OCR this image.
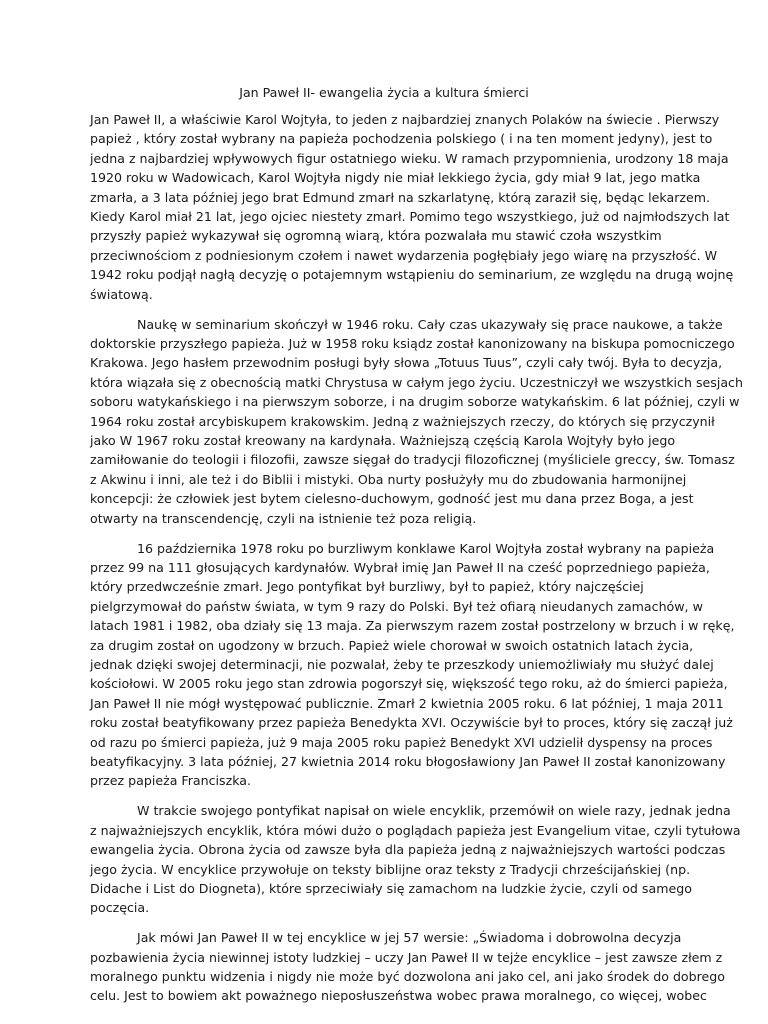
Jan Paweł II- ewangelia życia a kultura śmierci

Jan Paweł II, a właściwie Karol Wojtyła, to jeden z najbardziej znanych Polaków na świecie . Pierwszy
papież , który został wybrany na papieża pochodzenia polskiego ( i na ten moment jedyny), jest to
jedna z najbardziej wpływowych figur ostatniego wieku. W ramach przypomnienia, urodzony 18 maja
1920 roku w Wadowicach, Karol Wojtyła nigdy nie miał lekkiego życia, gdy miał 9 lat, jego matka
zmarła, a 3 lata później jego brat Edmund zmarł na szkarlatynę, którą zaraził się, będąc lekarzem.
Kiedy Karol miał 21 lat, jego ojciec niestety zmarł. Pomimo tego wszystkiego, już od najmłodszych lat
przyszły papież wykazywał się ogromną wiarą, która pozwalała mu stawić czoła wszystkim
przeciwnościom z podniesionym czołem i nawet wydarzenia pogłębiały jego wiarę na przyszłość. W
1942 roku podjął nagłą decyzję o potajemnym wstąpieniu do seminarium, ze względu na drugą wojnę
światową.

Naukę w seminarium skończył w 1946 roku. Cały czas ukazywały się prace naukowe, a także
doktorskie przyszłego papieża. Już w 1958 roku ksiądz został kanonizowany na biskupa pomocniczego
Krakowa. Jego hasłem przewodnim posługi były słowa „Totuus Tuus”, czyli cały twój. Była to decyzja,
która wiązała się z obecnością matki Chrystusa w całym jego życiu. Uczestniczył we wszystkich sesjach
soboru watykańskiego i na pierwszym soborze, i na drugim soborze watykańskim. 6 lat później, czyli w
1964 roku został arcybiskupem krakowskim. Jedną z ważniejszych rzeczy, do których się przyczynił
jako W 1967 roku został kreowany na kardynała. Ważniejszą częścią Karola Wojtyły było jego
zamiłowanie do teologii i filozofii, zawsze sięgał do tradycji filozoficznej (myśliciele greccy, św. Tomasz
z Akwinu i inni, ale też i do Biblii i mistyki. Oba nurty posłużyły mu do zbudowania harmonijnej
koncepcji: że człowiek jest bytem cielesno-duchowym, godność jest mu dana przez Boga, a jest
otwarty na transcendencję, czyli na istnienie też poza religią.

16 października 1978 roku po burzliwym konklawe Karol Wojtyła został wybrany na papieża
przez 99 na 111 głosujących kardynałów. Wybrał imię Jan Paweł II na cześć poprzedniego papieża,
który przedwcześnie zmarł. Jego pontyfikat był burzliwy, był to papież, który najczęściej
pielgrzymował do państw świata, w tym 9 razy do Polski. Był też ofiarą nieudanych zamachów, w
latach 1981 i 1982, oba działy się 13 maja. Za pierwszym razem został postrzelony w brzuch i w rękę,
za drugim został on ugodzony w brzuch. Papież wiele chorował w swoich ostatnich latach życia,
jednak dzięki swojej determinacji, nie pozwalał, żeby te przeszkody uniemożliwiały mu służyć dalej
kościołowi. W 2005 roku jego stan zdrowia pogorszył się, większość tego roku, aż do śmierci papieża,
Jan Paweł II nie mógł występować publicznie. Zmarł 2 kwietnia 2005 roku. 6 lat później, 1 maja 2011
roku został beatyfikowany przez papieża Benedykta XVI. Oczywiście był to proces, który się zaczął już
od razu po śmierci papieża, już 9 maja 2005 roku papież Benedykt XVI udzielił dyspensy na proces
beatyfikacyjny. 3 lata później, 27 kwietnia 2014 roku błogosławiony Jan Paweł II został kanonizowany
przez papieża Franciszka.

W trakcie swojego pontyfikat napisał on wiele encyklik, przemówił on wiele razy, jednak jedna
z najważniejszych encyklik, która mówi dużo o poglądach papieża jest Evangelium vitae, czyli tytułowa
ewangelia życia. Obrona życia od zawsze była dla papieża jedną z najważniejszych wartości podczas
jego życia. W encyklice przywołuje on teksty biblijne oraz teksty z Tradycji chrześcijańskiej (np.
Didache i List do Diogneta), które sprzeciwiały się zamachom na ludzkie życie, czyli od samego
poczęcia.

Jak mówi Jan Paweł II w tej encyklice w jej 57 wersie: „Świadoma i dobrowolna decyzja
pozbawienia życia niewinnej istoty ludzkiej – uczy Jan Paweł II w tejże encyklice – jest zawsze złem z
moralnego punktu widzenia i nigdy nie może być dozwolona ani jako cel, ani jako środek do dobrego
celu. Jest to bowiem akt poważnego nieposłuszeństwa wobec prawa moralnego, co więcej, wobec
